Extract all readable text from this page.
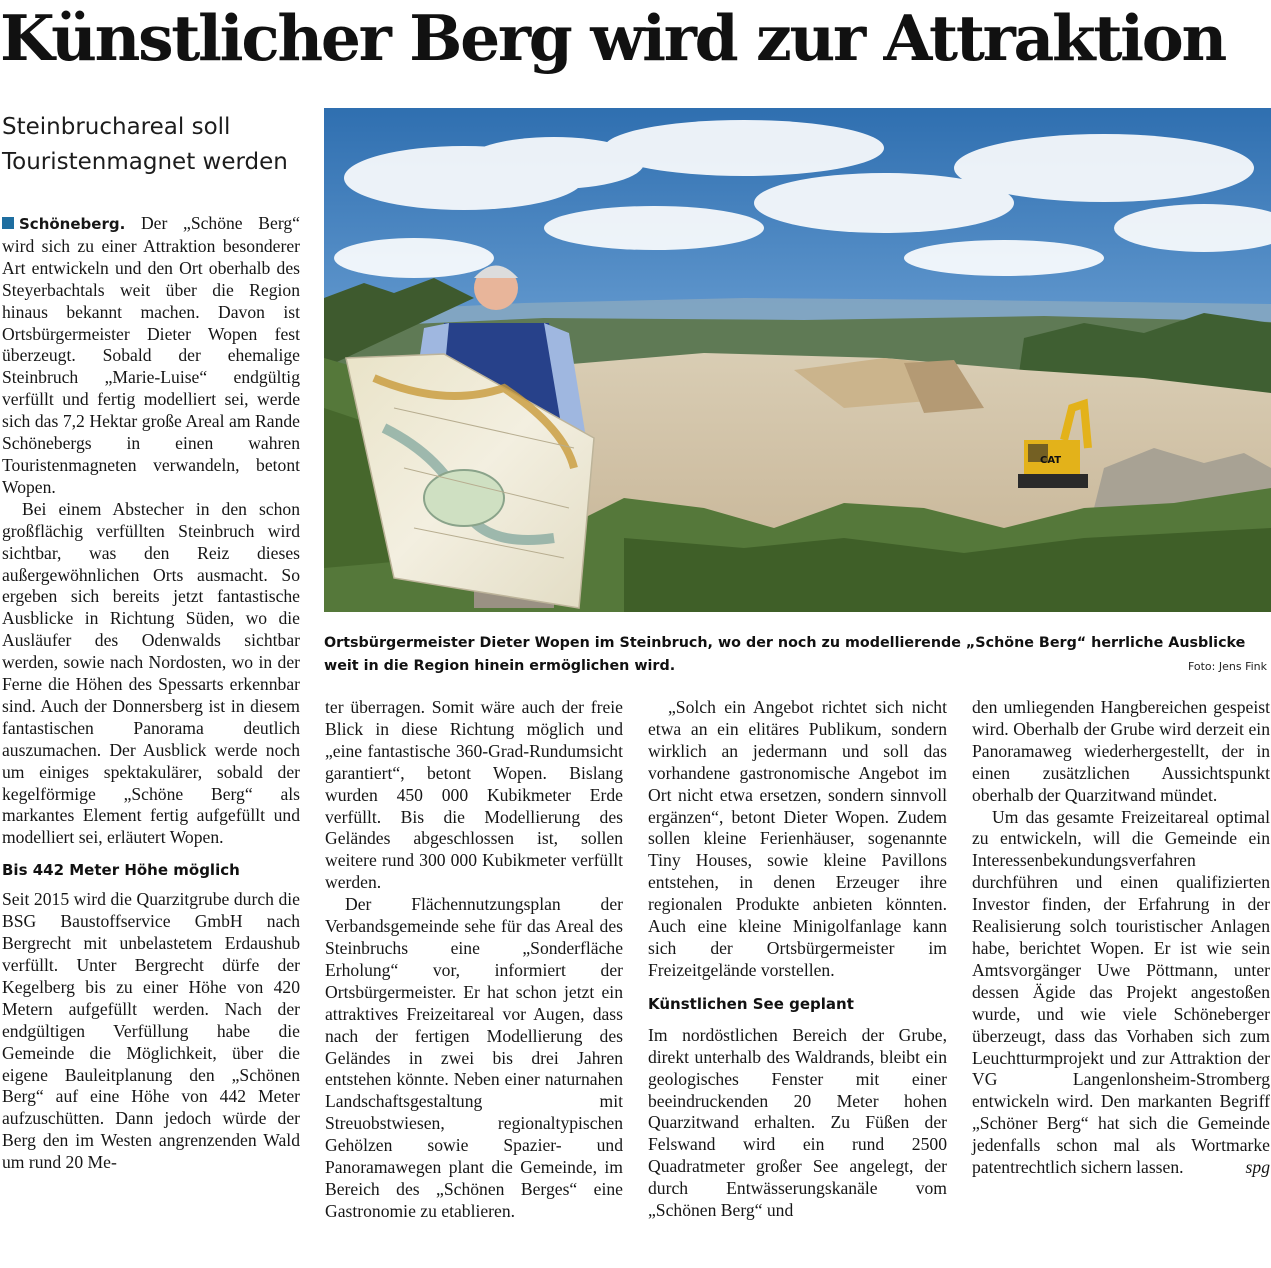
Künstlicher Berg wird zur Attraktion
Steinbruchareal soll
Touristenmagnet werden
CAT
Ortsbürgermeister Dieter Wopen im Steinbruch, wo der noch zu modellierende „Schöne Berg“ herrliche Ausblicke
weit in die Region hinein ermöglichen wird.	Foto: Jens Fink

Schöneberg. Der „Schöne Berg“ wird sich zu einer Attraktion besonderer Art entwickeln und den Ort oberhalb des Steyerbachtals weit über die Region hinaus bekannt machen. Davon ist Ortsbürgermeister Dieter Wopen fest überzeugt. Sobald der ehemalige Steinbruch „Marie-Luise“ endgültig verfüllt und fertig modelliert sei, werde sich das 7,2 Hektar große Areal am Rande Schönebergs in einen wahren Touristenmagneten verwandeln, betont Wopen.

Bei einem Abstecher in den schon großflächig verfüllten Steinbruch wird sichtbar, was den Reiz dieses außergewöhnlichen Orts ausmacht. So ergeben sich bereits jetzt fantastische Ausblicke in Richtung Süden, wo die Ausläufer des Odenwalds sichtbar werden, sowie nach Nordosten, wo in der Ferne die Höhen des Spessarts erkennbar sind. Auch der Donnersberg ist in diesem fantastischen Panorama deutlich auszumachen. Der Ausblick werde noch um einiges spektakulärer, sobald der kegelförmige „Schöne Berg“ als markantes Element fertig aufgefüllt und modelliert sei, erläutert Wopen.

Bis 442 Meter Höhe möglich

Seit 2015 wird die Quarzitgrube durch die BSG Baustoffservice GmbH nach Bergrecht mit unbelastetem Erdaushub verfüllt. Unter Bergrecht dürfe der Kegelberg bis zu einer Höhe von 420 Metern aufgefüllt werden. Nach der endgültigen Verfüllung habe die Gemeinde die Möglichkeit, über die eigene Bauleitplanung den „Schönen Berg“ auf eine Höhe von 442 Meter aufzuschütten. Dann jedoch würde der Berg den im Westen angrenzenden Wald um rund 20 Me-

ter überragen. Somit wäre auch der freie Blick in diese Richtung möglich und „eine fantastische 360-Grad-Rundumsicht garantiert“, betont Wopen. Bislang wurden 450 000 Kubikmeter Erde verfüllt. Bis die Modellierung des Geländes abgeschlossen ist, sollen weitere rund 300 000 Kubikmeter verfüllt werden.

Der Flächennutzungsplan der Verbandsgemeinde sehe für das Areal des Steinbruchs eine „Sonderfläche Erholung“ vor, informiert der Ortsbürgermeister. Er hat schon jetzt ein attraktives Freizeitareal vor Augen, dass nach der fertigen Modellierung des Geländes in zwei bis drei Jahren entstehen könnte. Neben einer naturnahen Landschaftsgestaltung mit Streuobstwiesen, regionaltypischen Gehölzen sowie Spazier- und Panoramawegen plant die Gemeinde, im Bereich des „Schönen Berges“ eine Gastronomie zu etablieren.

„Solch ein Angebot richtet sich nicht etwa an ein elitäres Publikum, sondern wirklich an jedermann und soll das vorhandene gastronomische Angebot im Ort nicht etwa ersetzen, sondern sinnvoll ergänzen“, betont Dieter Wopen. Zudem sollen kleine Ferienhäuser, sogenannte Tiny Houses, sowie kleine Pavillons entstehen, in denen Erzeuger ihre regionalen Produkte anbieten könnten. Auch eine kleine Minigolfanlage kann sich der Ortsbürgermeister im Freizeitgelände vorstellen.

Künstlichen See geplant

Im nordöstlichen Bereich der Grube, direkt unterhalb des Waldrands, bleibt ein geologisches Fenster mit einer beeindruckenden 20 Meter hohen Quarzitwand erhalten. Zu Füßen der Felswand wird ein rund 2500 Quadratmeter großer See angelegt, der durch Entwässerungskanäle vom „Schönen Berg“ und

den umliegenden Hangbereichen gespeist wird. Oberhalb der Grube wird derzeit ein Panoramaweg wiederhergestellt, der in einen zusätzlichen Aussichtspunkt oberhalb der Quarzitwand mündet.

Um das gesamte Freizeitareal optimal zu entwickeln, will die Gemeinde ein Interessenbekundungsverfahren durchführen und einen qualifizierten Investor finden, der Erfahrung in der Realisierung solch touristischer Anlagen habe, berichtet Wopen. Er ist wie sein Amtsvorgänger Uwe Pöttmann, unter dessen Ägide das Projekt angestoßen wurde, und wie viele Schöneberger überzeugt, dass das Vorhaben sich zum Leuchtturmprojekt und zur Attraktion der VG Langenlonsheim-Stromberg entwickeln wird. Den markanten Begriff „Schöner Berg“ hat sich die Gemeinde jedenfalls schon mal als Wortmarke patentrechtlich sichern lassen.	spg
